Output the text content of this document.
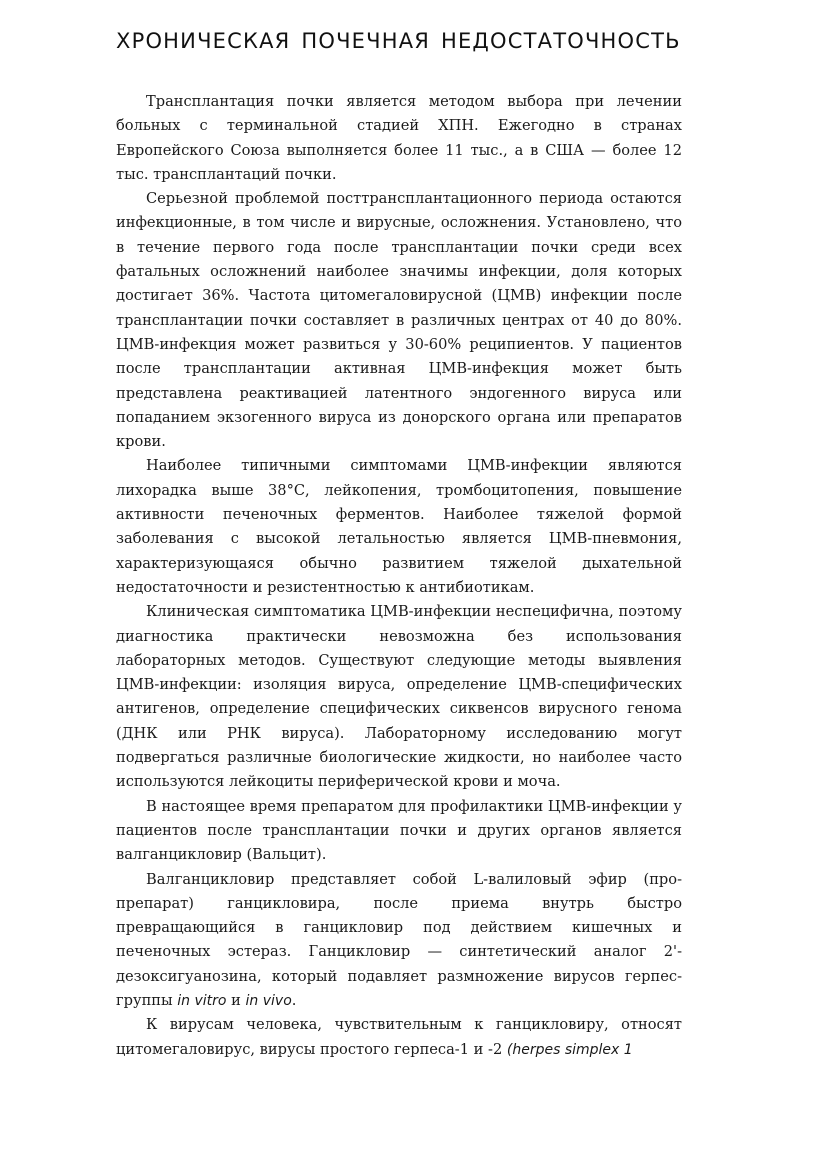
ХРОНИЧЕСКАЯ ПОЧЕЧНАЯ НЕДОСТАТОЧНОСТЬ

Трансплантация почки является методом выбора при лечении больных с терминальной стадией ХПН. Ежегодно в странах Европейского Союза выполняется более 11 тыс., а в США — более 12 тыс. трансплантаций почки.

Серьезной проблемой посттрансплантационного периода остаются инфекционные, в том числе и вирусные, осложнения. Установлено, что в течение первого года после трансплантации почки среди всех фатальных осложнений наиболее значимы инфекции, доля которых достигает 36%. Частота цитомегаловирусной (ЦМВ) инфекции после трансплантации почки составляет в различных центрах от 40 до 80%. ЦМВ-инфекция может развиться у 30-60% реципиентов. У пациентов после трансплантации активная ЦМВ-инфекция может быть представлена реактивацией латентного эндогенного вируса или попаданием экзогенного вируса из донорского органа или препаратов крови.

Наиболее типичными симптомами ЦМВ-инфекции являются лихорадка выше 38°С, лейкопения, тромбоцитопения, повышение активности печеночных ферментов. Наиболее тяжелой формой заболевания с высокой летальностью является ЦМВ-пневмония, характеризующаяся обычно развитием тяжелой дыхательной недостаточности и резистентностью к антибиотикам.

Клиническая симптоматика ЦМВ-инфекции неспецифична, поэтому диагностика практически невозможна без использования лабораторных методов. Существуют следующие методы выявления ЦМВ-инфекции: изоляция вируса, определение ЦМВ-специфических антигенов, определение специфических сиквенсов вирусного генома (ДНК или РНК вируса). Лабораторному исследованию могут подвергаться различные биологические жидкости, но наиболее часто используются лейкоциты периферической крови и моча.

В настоящее время препаратом для профилактики ЦМВ-инфекции у пациентов после трансплантации почки и других органов является валганцикловир (Вальцит).

Валганцикловир представляет собой L-валиловый эфир (про-препарат) ганцикловира, после приема внутрь быстро превращающийся в ганцикловир под действием кишечных и печеночных эстераз. Ганцикловир — синтетический аналог 2'-дезоксигуанозина, который подавляет размножение вирусов герпес-группы in vitro и in vivo.

К вирусам человека, чувствительным к ганцикловиру, относят цитомегаловирус, вирусы простого герпеса-1 и -2 (herpes simplex 1
